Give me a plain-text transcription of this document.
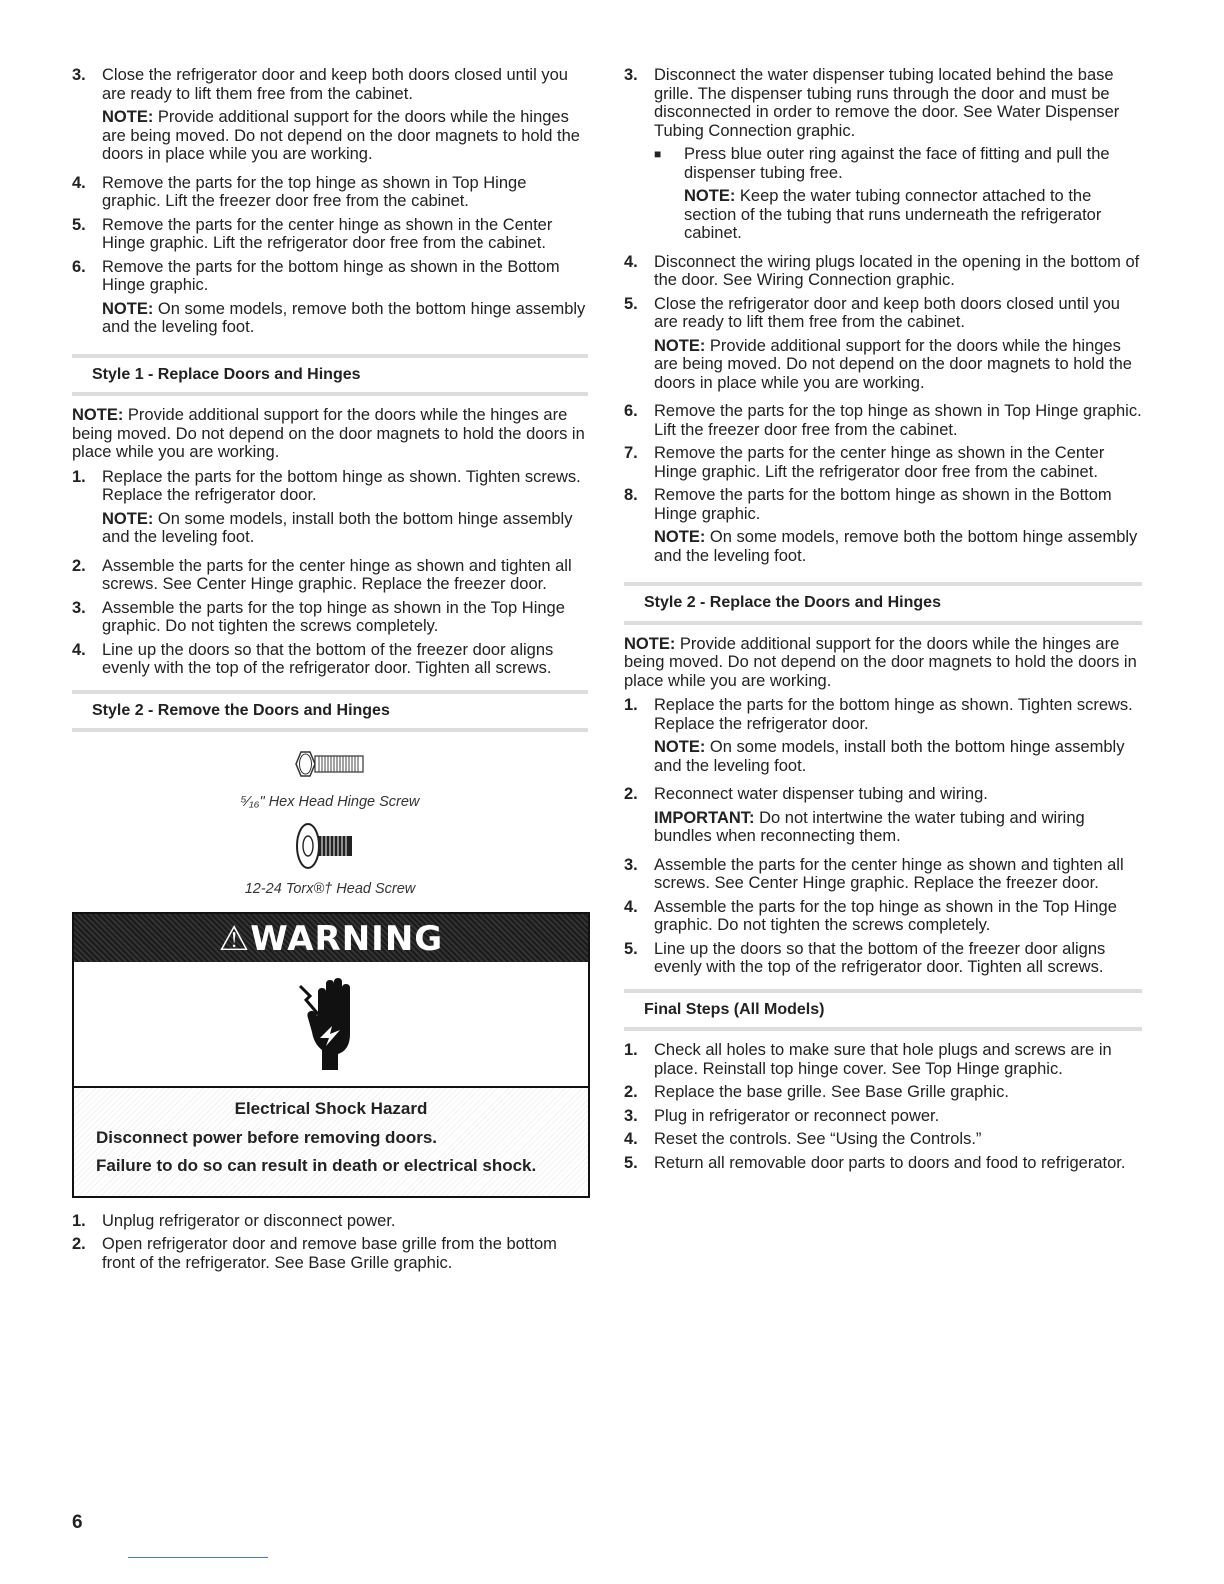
3. Close the refrigerator door and keep both doors closed until you are ready to lift them free from the cabinet.
NOTE: Provide additional support for the doors while the hinges are being moved. Do not depend on the door magnets to hold the doors in place while you are working.
4. Remove the parts for the top hinge as shown in Top Hinge graphic. Lift the freezer door free from the cabinet.
5. Remove the parts for the center hinge as shown in the Center Hinge graphic. Lift the refrigerator door free from the cabinet.
6. Remove the parts for the bottom hinge as shown in the Bottom Hinge graphic.
NOTE: On some models, remove both the bottom hinge assembly and the leveling foot.
Style 1 - Replace Doors and Hinges
NOTE: Provide additional support for the doors while the hinges are being moved. Do not depend on the door magnets to hold the doors in place while you are working.
1. Replace the parts for the bottom hinge as shown. Tighten screws. Replace the refrigerator door.
NOTE: On some models, install both the bottom hinge assembly and the leveling foot.
2. Assemble the parts for the center hinge as shown and tighten all screws. See Center Hinge graphic. Replace the freezer door.
3. Assemble the parts for the top hinge as shown in the Top Hinge graphic. Do not tighten the screws completely.
4. Line up the doors so that the bottom of the freezer door aligns evenly with the top of the refrigerator door. Tighten all screws.
Style 2 - Remove the Doors and Hinges
⁵⁄₁₆" Hex Head Hinge Screw
12-24 Torx®† Head Screw
⚠WARNING
Electrical Shock Hazard
Disconnect power before removing doors.
Failure to do so can result in death or electrical shock.
1. Unplug refrigerator or disconnect power.
2. Open refrigerator door and remove base grille from the bottom front of the refrigerator. See Base Grille graphic.
3. Disconnect the water dispenser tubing located behind the base grille. The dispenser tubing runs through the door and must be disconnected in order to remove the door. See Water Dispenser Tubing Connection graphic.
■	Press blue outer ring against the face of fitting and pull the dispenser tubing free.
NOTE: Keep the water tubing connector attached to the section of the tubing that runs underneath the refrigerator cabinet.
4. Disconnect the wiring plugs located in the opening in the bottom of the door. See Wiring Connection graphic.
5. Close the refrigerator door and keep both doors closed until you are ready to lift them free from the cabinet.
NOTE: Provide additional support for the doors while the hinges are being moved. Do not depend on the door magnets to hold the doors in place while you are working.
6. Remove the parts for the top hinge as shown in Top Hinge graphic. Lift the freezer door free from the cabinet.
7. Remove the parts for the center hinge as shown in the Center Hinge graphic. Lift the refrigerator door free from the cabinet.
8. Remove the parts for the bottom hinge as shown in the Bottom Hinge graphic.
NOTE: On some models, remove both the bottom hinge assembly and the leveling foot.
Style 2 - Replace the Doors and Hinges
NOTE: Provide additional support for the doors while the hinges are being moved. Do not depend on the door magnets to hold the doors in place while you are working.
1. Replace the parts for the bottom hinge as shown. Tighten screws. Replace the refrigerator door.
NOTE: On some models, install both the bottom hinge assembly and the leveling foot.
2. Reconnect water dispenser tubing and wiring.
IMPORTANT: Do not intertwine the water tubing and wiring bundles when reconnecting them.
3. Assemble the parts for the center hinge as shown and tighten all screws. See Center Hinge graphic. Replace the freezer door.
4. Assemble the parts for the top hinge as shown in the Top Hinge graphic. Do not tighten the screws completely.
5. Line up the doors so that the bottom of the freezer door aligns evenly with the top of the refrigerator door. Tighten all screws.
Final Steps (All Models)
1. Check all holes to make sure that hole plugs and screws are in place. Reinstall top hinge cover. See Top Hinge graphic.
2. Replace the base grille. See Base Grille graphic.
3. Plug in refrigerator or reconnect power.
4. Reset the controls. See “Using the Controls.”
5. Return all removable door parts to doors and food to refrigerator.
6
